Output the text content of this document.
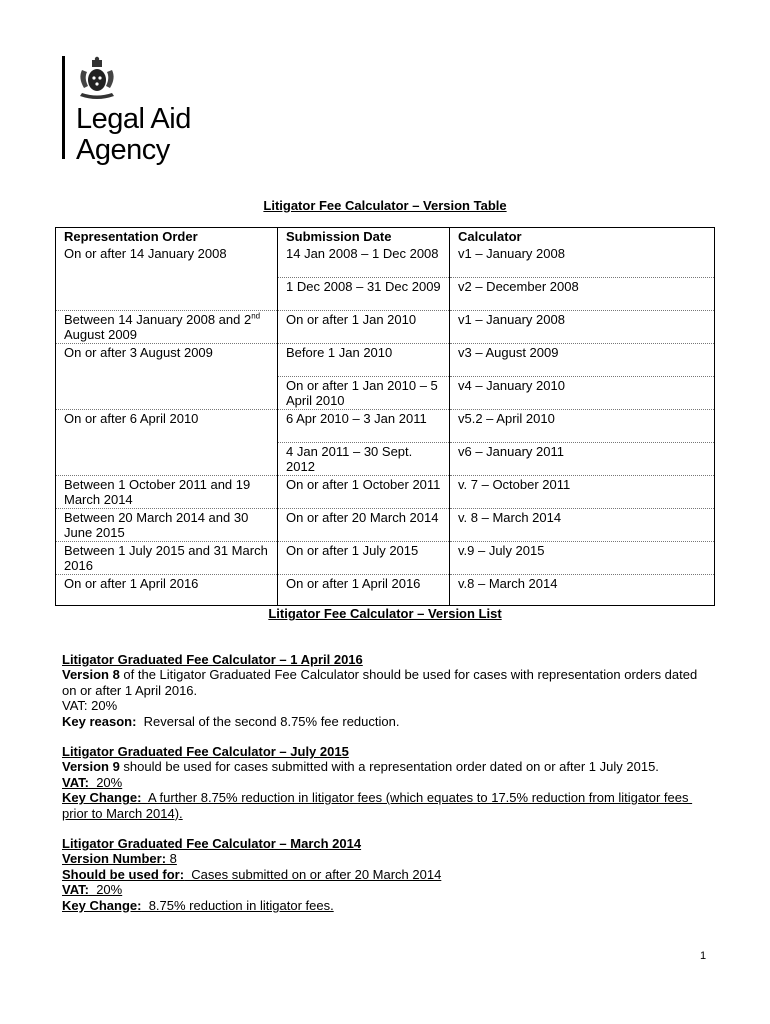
Legal Aid
Agency
Litigator Fee Calculator – Version Table
Representation Order	Submission Date	Calculator
On or after 14 January 2008	14 Jan 2008 – 1 Dec 2008	v1 – January 2008
	1 Dec 2008 – 31 Dec 2009	v2 – December 2008
Between 14 January 2008 and 2nd August 2009	On or after 1 Jan 2010	v1 – January 2008
On or after 3 August 2009	Before 1 Jan 2010	v3 – August 2009
	On or after 1 Jan 2010 – 5 April 2010	v4 – January 2010
On or after 6 April 2010	6 Apr 2010 – 3 Jan 2011	v5.2 – April 2010
	4 Jan 2011 – 30 Sept. 2012	v6 – January 2011
Between 1 October 2011 and 19 March 2014	On or after 1 October 2011	v. 7 – October 2011
Between 20 March 2014 and 30 June 2015	On or after 20 March 2014	v. 8 – March 2014
Between 1 July 2015 and 31 March 2016	On or after 1 July 2015	v.9 – July 2015
On or after 1 April 2016	On or after 1 April 2016	v.8 – March 2014
Litigator Fee Calculator – Version List
Litigator Graduated Fee Calculator – 1 April 2016
Version 8 of the Litigator Graduated Fee Calculator should be used for cases with representation orders dated on or after 1 April 2016.
VAT: 20%
Key reason:  Reversal of the second 8.75% fee reduction.
Litigator Graduated Fee Calculator – July 2015
Version 9 should be used for cases submitted with a representation order dated on or after 1 July 2015.
VAT:  20%
Key Change:  A further 8.75% reduction in litigator fees (which equates to 17.5% reduction from litigator fees prior to March 2014).
Litigator Graduated Fee Calculator – March 2014
Version Number: 8
Should be used for:  Cases submitted on or after 20 March 2014
VAT:  20%
Key Change:  8.75% reduction in litigator fees.
1
